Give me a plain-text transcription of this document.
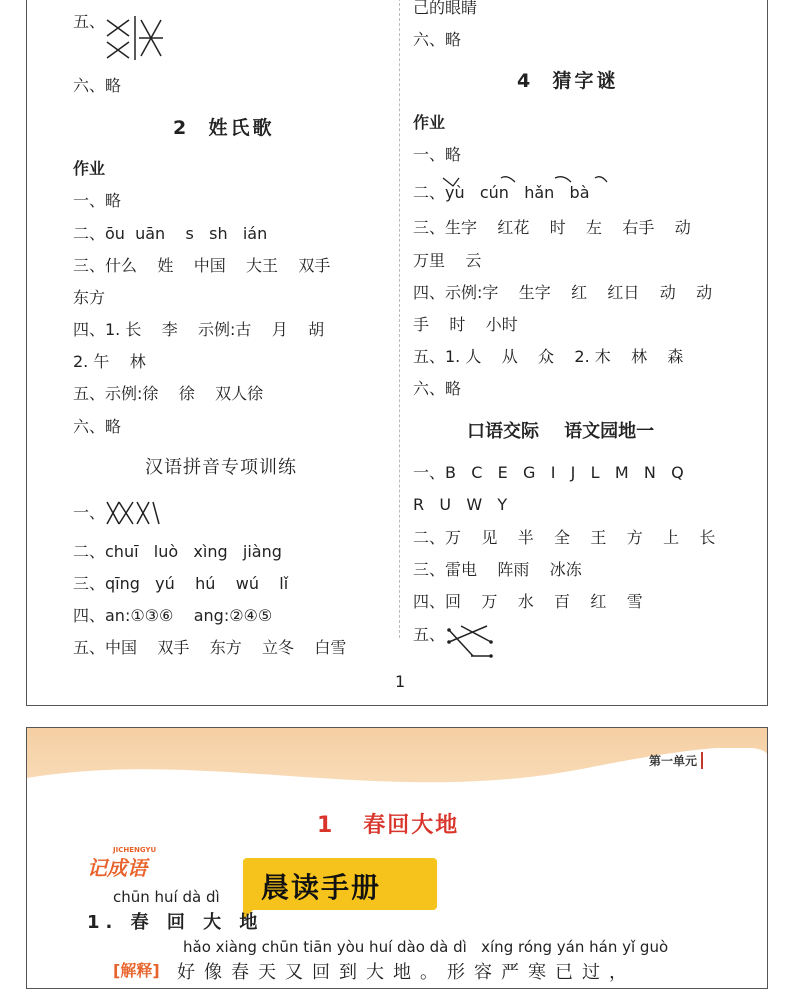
五、
六、略
2  姓氏歌
作业
一、略
二、ōu  uān    s   sh   ián
三、什么    姓    中国    大王    双手
东方
四、1. 长    李    示例:古    月    胡
2. 午    林
五、示例:徐    徐    双人徐
六、略
汉语拼音专项训练
一、
二、chuī   luò   xìng   jiàng
三、qīng   yú    hú    wú    lǐ
四、an:①③⑥    ang:②④⑤
五、中国    双手    东方    立冬    白雪
己的眼睛
六、略
4  猜字谜
作业
一、略
二、yù   cún   hǎn   bà
三、生字    红花    时    左    右手    动
万里    云
四、示例:字    生字    红    红日    动    动
手    时    小时
五、1. 人    从    众    2. 木    林    森
六、略
口语交际    语文园地一
一、B   C   E   G   I   J   L   M   N   Q
R   U   W   Y
二、万    见    半    全    王    方    上    长
三、雷电    阵雨    冰冻
四、回    万    水    百    红    雪
五、
1
第一单元
1   春回大地
JICHENGYU
记成语
晨读手册
chūn huí dà dì
1. 春 回 大 地
hǎo xiàng chūn tiān yòu huí dào dà dì   xíng róng yán hán yǐ guò
[解释] 好像春天又回到大地。形容严寒已过，
